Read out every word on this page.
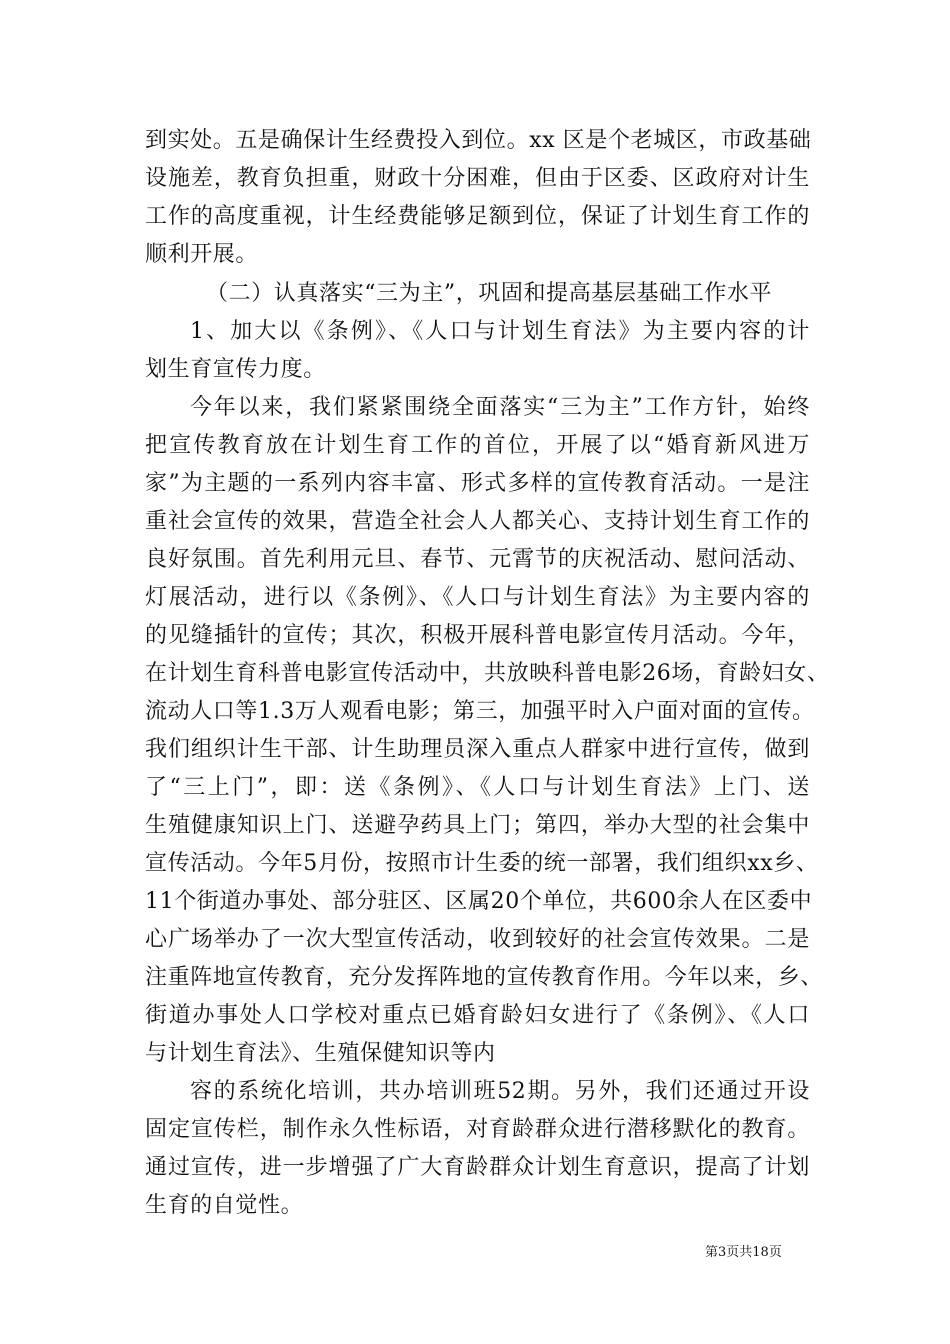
到实处。五是确保计生经费投入到位。xx 区是个老城区，市政基础
设施差，教育负担重，财政十分困难，但由于区委、区政府对计生
工作的高度重视，计生经费能够足额到位，保证了计划生育工作的
顺利开展。
（二）认真落实“三为主”，巩固和提高基层基础工作水平
1、加大以《条例》、《人口与计划生育法》为主要内容的计
划生育宣传力度。
今年以来，我们紧紧围绕全面落实“三为主”工作方针，始终
把宣传教育放在计划生育工作的首位，开展了以“婚育新风进万
家”为主题的一系列内容丰富、形式多样的宣传教育活动。一是注
重社会宣传的效果，营造全社会人人都关心、支持计划生育工作的
良好氛围。首先利用元旦、春节、元霄节的庆祝活动、慰问活动、
灯展活动，进行以《条例》、《人口与计划生育法》为主要内容的
的见缝插针的宣传；其次，积极开展科普电影宣传月活动。今年，
在计划生育科普电影宣传活动中，共放映科普电影26场，育龄妇女、
流动人口等1.3万人观看电影；第三，加强平时入户面对面的宣传。
我们组织计生干部、计生助理员深入重点人群家中进行宣传，做到
了“三上门”，即：送《条例》、《人口与计划生育法》上门、送
生殖健康知识上门、送避孕药具上门；第四，举办大型的社会集中
宣传活动。今年5月份，按照市计生委的统一部署，我们组织xx乡、
11个街道办事处、部分驻区、区属20个单位，共600余人在区委中
心广场举办了一次大型宣传活动，收到较好的社会宣传效果。二是
注重阵地宣传教育，充分发挥阵地的宣传教育作用。今年以来，乡、
街道办事处人口学校对重点已婚育龄妇女进行了《条例》、《人口
与计划生育法》、生殖保健知识等内
容的系统化培训，共办培训班52期。另外，我们还通过开设
固定宣传栏，制作永久性标语，对育龄群众进行潜移默化的教育。
通过宣传，进一步增强了广大育龄群众计划生育意识，提高了计划
生育的自觉性。
第3页共18页
